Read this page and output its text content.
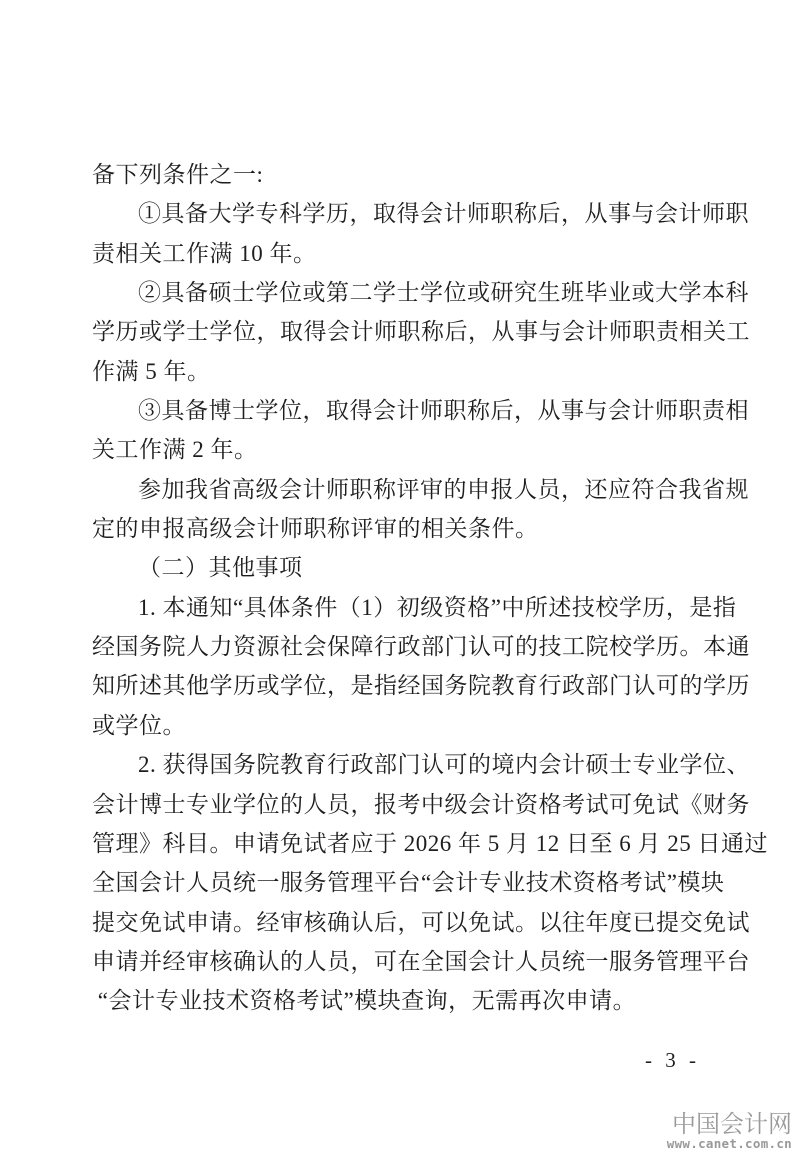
备下列条件之一:
①具备大学专科学历，取得会计师职称后，从事与会计师职
责相关工作满 10 年。
②具备硕士学位或第二学士学位或研究生班毕业或大学本科
学历或学士学位，取得会计师职称后，从事与会计师职责相关工
作满 5 年。
③具备博士学位，取得会计师职称后，从事与会计师职责相
关工作满 2 年。
参加我省高级会计师职称评审的申报人员，还应符合我省规
定的申报高级会计师职称评审的相关条件。
（二）其他事项
1. 本通知“具体条件（1）初级资格”中所述技校学历，是指
经国务院人力资源社会保障行政部门认可的技工院校学历。本通
知所述其他学历或学位，是指经国务院教育行政部门认可的学历
或学位。
2. 获得国务院教育行政部门认可的境内会计硕士专业学位、
会计博士专业学位的人员，报考中级会计资格考试可免试《财务
管理》科目。申请免试者应于 2026 年 5 月 12 日至 6 月 25 日通过
全国会计人员统一服务管理平台“会计专业技术资格考试”模块
提交免试申请。经审核确认后，可以免试。以往年度已提交免试
申请并经审核确认的人员，可在全国会计人员统一服务管理平台
“会计专业技术资格考试”模块查询，无需再次申请。
- 3 -
中国会计网
www.canet.com.cn
